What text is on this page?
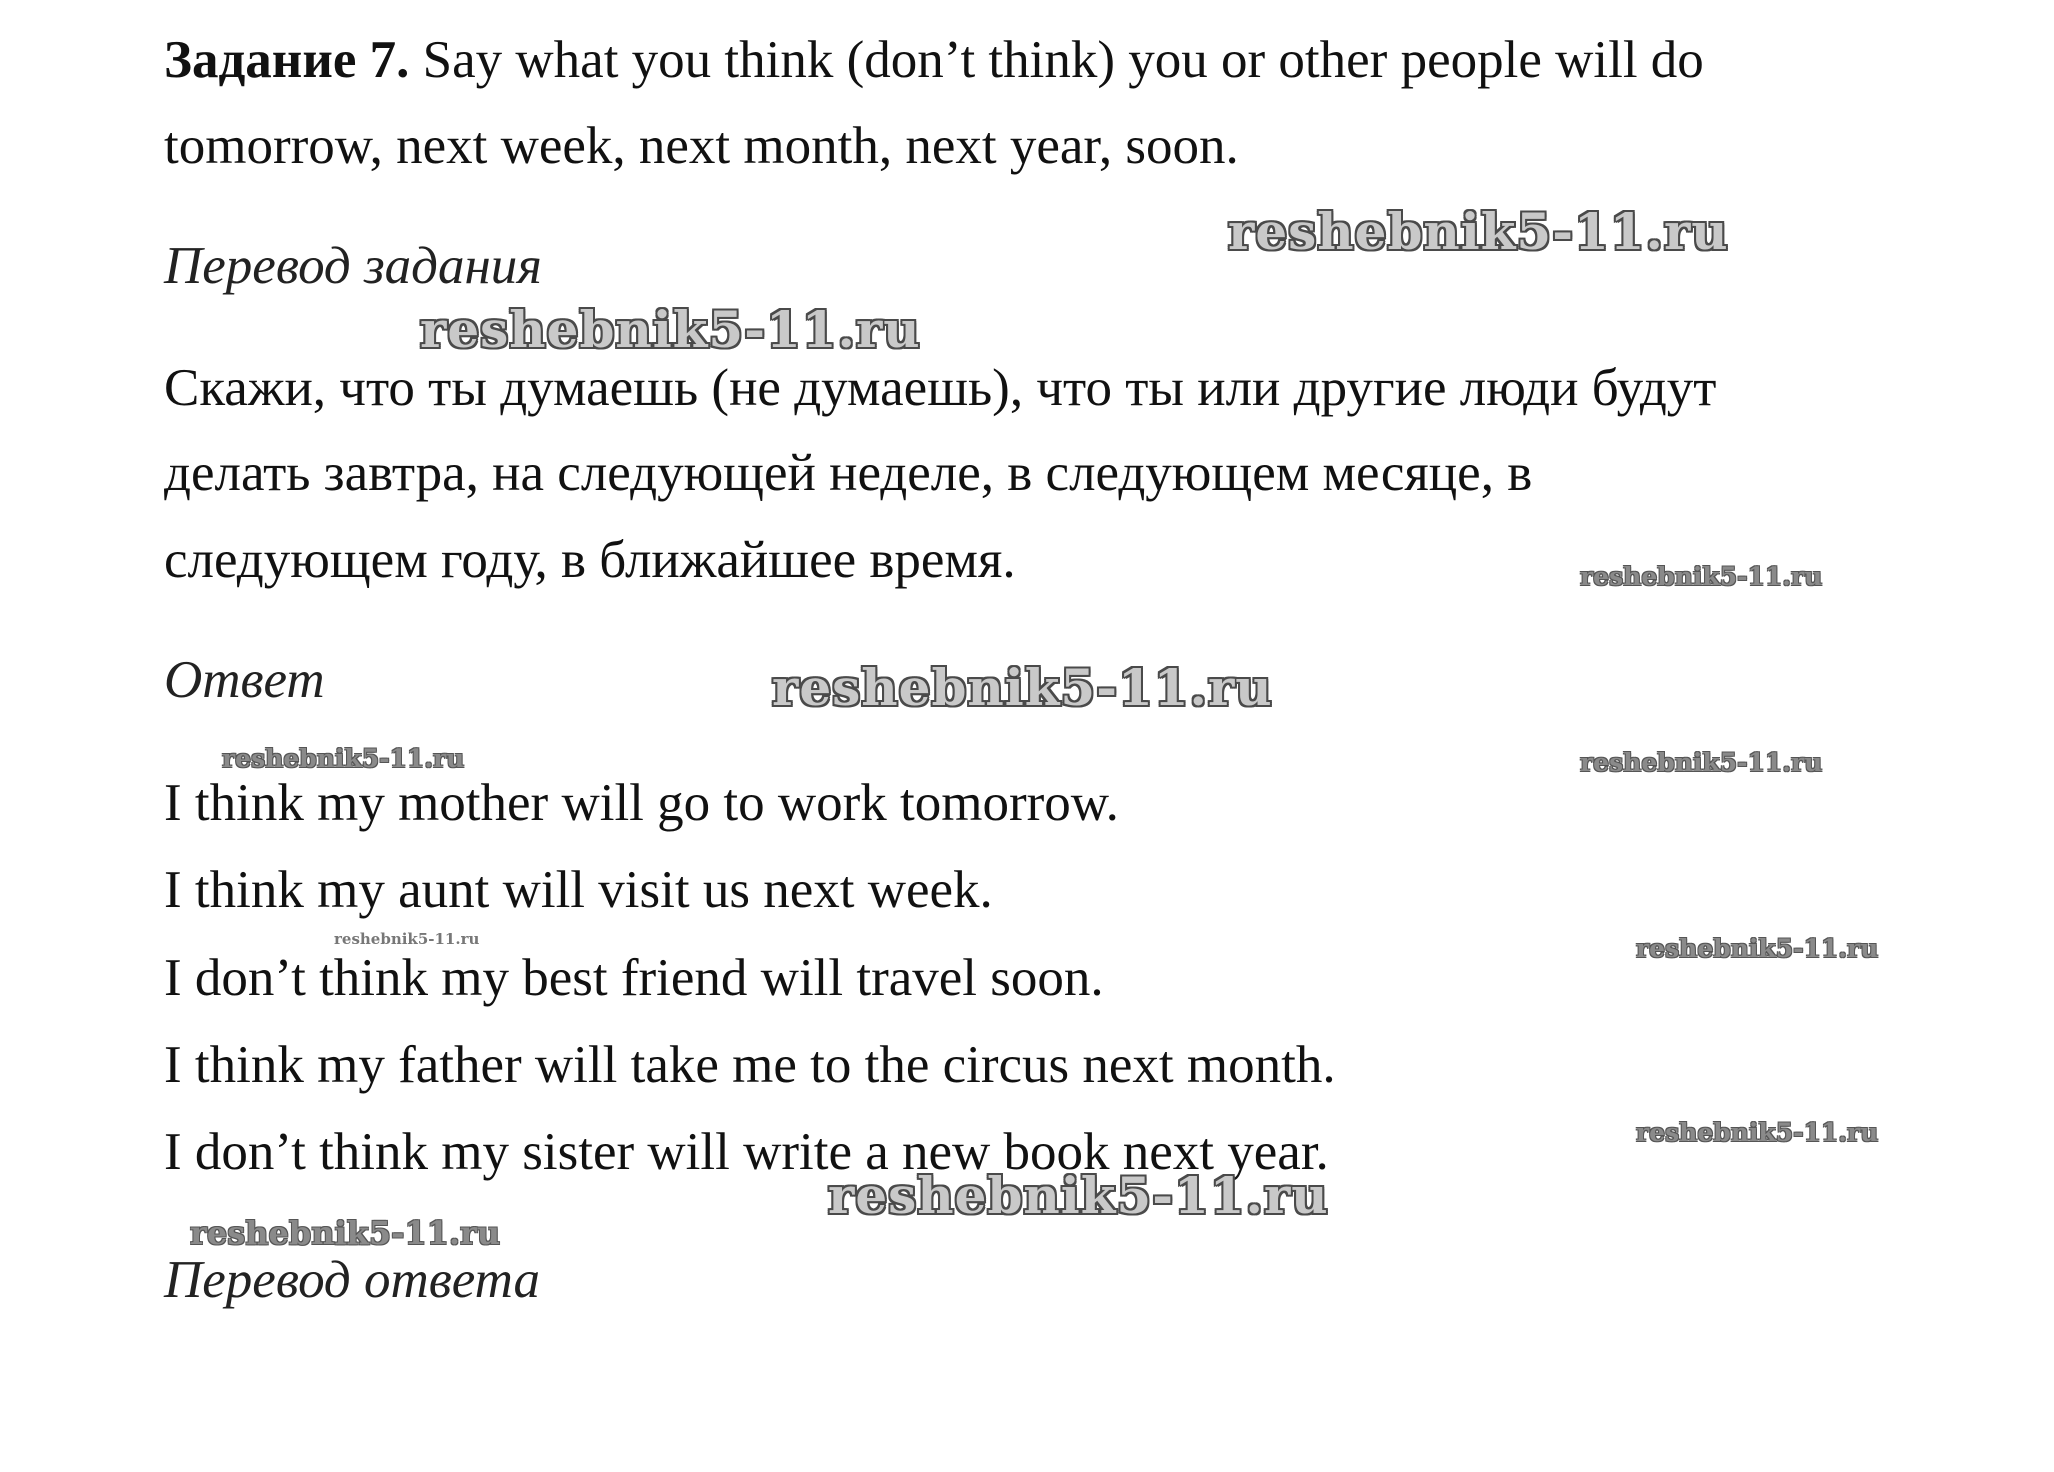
Задание 7. Say what you think (don’t think) you or other people will do
tomorrow, next week, next month, next year, soon.
Перевод задания
Скажи, что ты думаешь (не думаешь), что ты или другие люди будут
делать завтра, на следующей неделе, в следующем месяце, в
следующем году, в ближайшее время.
Ответ
I think my mother will go to work tomorrow.
I think my aunt will visit us next week.
I don’t think my best friend will travel soon.
I think my father will take me to the circus next month.
I don’t think my sister will write a new book next year.
Перевод ответа
reshebnik5-11.ru
reshebnik5-11.ru
reshebnik5-11.ru
reshebnik5-11.ru
reshebnik5-11.ru	reshebnik5-11.ru
reshebnik5-11.ru	reshebnik5-11.ru
reshebnik5-11.ru
reshebnik5-11.ru
reshebnik5-11.ru
